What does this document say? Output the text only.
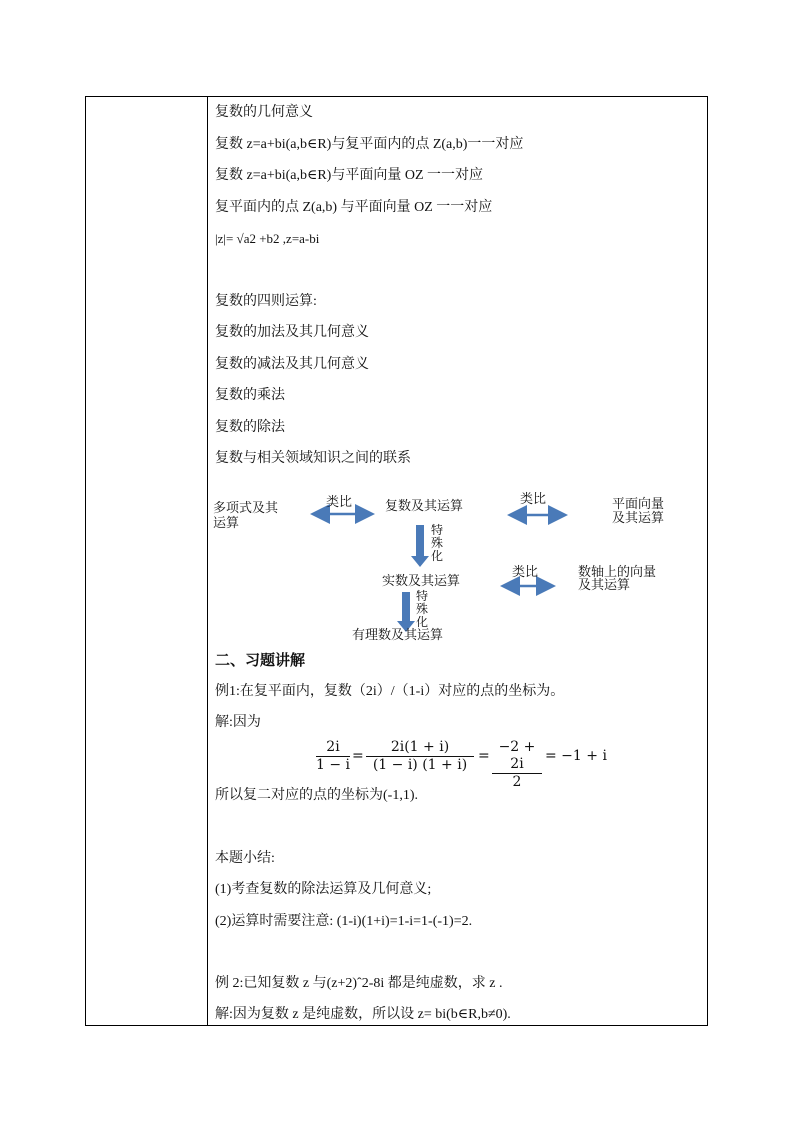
复数的几何意义
复数 z=a+bi(a,b∈R)与复平面内的点 Z(a,b)一一对应
复数 z=a+bi(a,b∈R)与平面向量 OZ 一一对应
复平面内的点 Z(a,b) 与平面向量 OZ 一一对应
|z|= √a2 +b2 ,z=a-bi
复数的四则运算:
复数的加法及其几何意义
复数的减法及其几何意义
复数的乘法
复数的除法
复数与相关领域知识之间的联系
多项式及其
运算
类比	复数及其运算	类比	平面向量
及其运算
特
殊
化
实数及其运算
类比	数轴上的向量
及其运算
特
殊
化
有理数及其运算
二、习题讲解
例1:在复平面内，复数（2i）/（1-i）对应的点的坐标为。
解:因为
$\frac{2i}{1 - i} = \frac{2i(1 + i)}{(1 - i) (1 + i)} = \frac{-2 + 2i}{2} = -1 + i$
所以复二对应的点的坐标为(-1,1).
本题小结:
(1)考查复数的除法运算及几何意义;
(2)运算时需要注意: (1-i)(1+i)=1-i=1-(-1)=2.
例 2:已知复数 z 与(z+2)ˆ2-8i 都是纯虚数，求 z .
解:因为复数 z 是纯虚数，所以设 z= bi(b∈R,b≠0).
